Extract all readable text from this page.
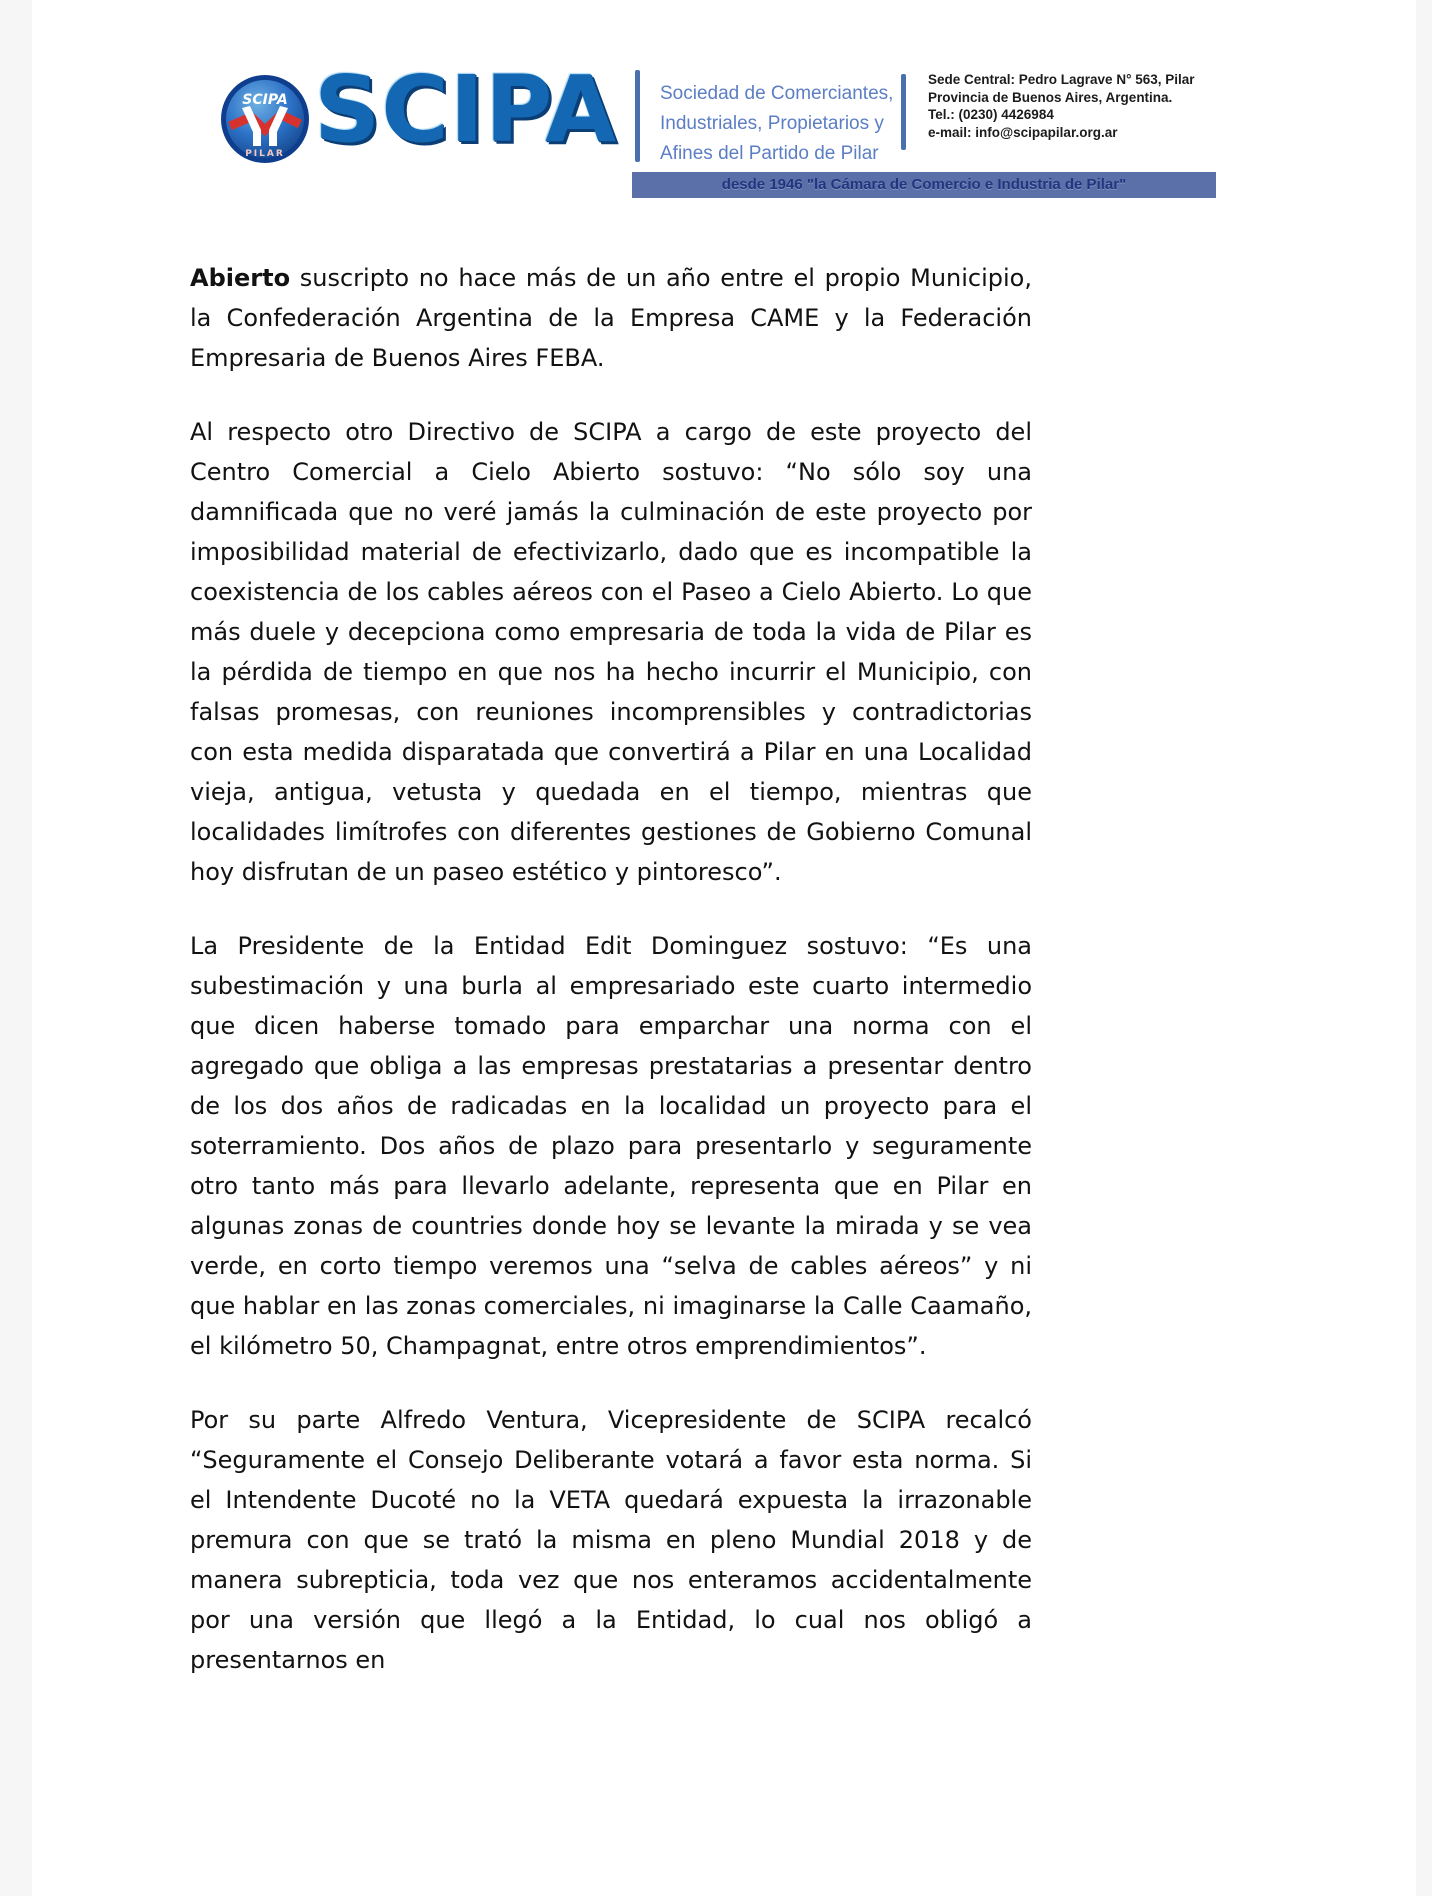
SCIPA
PILAR SCIPA Sociedad de Comerciantes,
Industriales, Propietarios y
Afines del Partido de Pilar
Sede Central: Pedro Lagrave N° 563, Pilar
Provincia de Buenos Aires, Argentina.
Tel.: (0230) 4426984
e-mail: info@scipapilar.org.ar
desde 1946 "la Cámara de Comercio e Industria de Pilar"

Abierto suscripto no hace más de un año entre el propio Municipio, la Confederación Argentina de la Empresa CAME y la Federación Empresaria de Buenos Aires FEBA.

Al respecto otro Directivo de SCIPA a cargo de este proyecto del Centro Comercial a Cielo Abierto sostuvo: “No sólo soy una damnificada que no veré jamás la culminación de este proyecto por imposibilidad material de efectivizarlo, dado que es incompatible la coexistencia de los cables aéreos con el Paseo a Cielo Abierto. Lo que más duele y decepciona como empresaria de toda la vida de Pilar es la pérdida de tiempo en que nos ha hecho incurrir el Municipio, con falsas promesas, con reuniones incomprensibles y contradictorias con esta medida disparatada que convertirá a Pilar en una Localidad vieja, antigua, vetusta y quedada en el tiempo, mientras que localidades limítrofes con diferentes gestiones de Gobierno Comunal hoy disfrutan de un paseo estético y pintoresco”.

La Presidente de la Entidad Edit Dominguez sostuvo: “Es una subestimación y una burla al empresariado este cuarto intermedio que dicen haberse tomado para emparchar una norma con el agregado que obliga a las empresas prestatarias a presentar dentro de los dos años de radicadas en la localidad un proyecto para el soterramiento. Dos años de plazo para presentarlo y seguramente otro tanto más para llevarlo adelante, representa que en Pilar en algunas zonas de countries donde hoy se levante la mirada y se vea verde, en corto tiempo veremos una “selva de cables aéreos” y ni que hablar en las zonas comerciales, ni imaginarse la Calle Caamaño, el kilómetro 50, Champagnat, entre otros emprendimientos”.

Por su parte Alfredo Ventura, Vicepresidente de SCIPA recalcó “Seguramente el Consejo Deliberante votará a favor esta norma. Si el Intendente Ducoté no la VETA quedará expuesta la irrazonable premura con que se trató la misma en pleno Mundial 2018 y de manera subrepticia, toda vez que nos enteramos accidentalmente por una versión que llegó a la Entidad, lo cual nos obligó a presentarnos en
